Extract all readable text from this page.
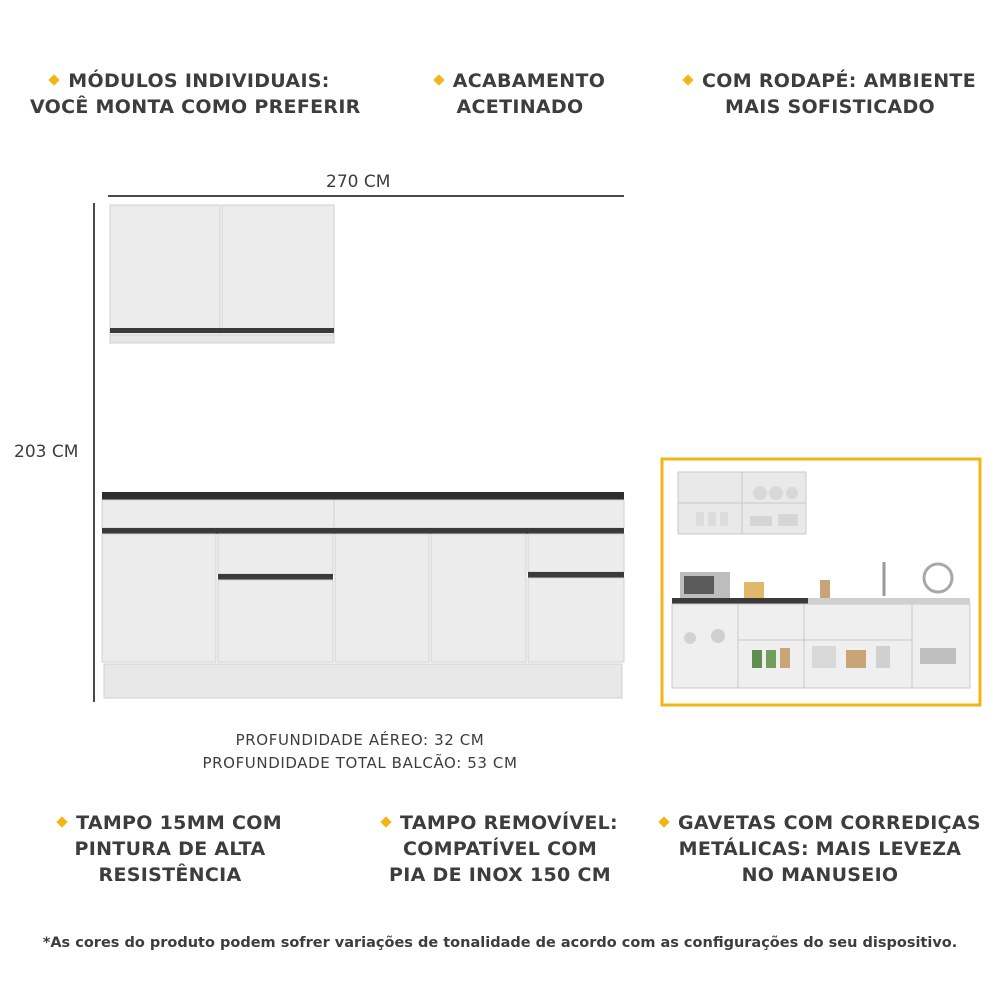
MÓDULOS INDIVIDUAIS:
VOCÊ MONTA COMO PREFERIR
ACABAMENTO
ACETINADO
COM RODAPÉ: AMBIENTE
MAIS SOFISTICADO
270 CM
203 CM
PROFUNDIDADE AÉREO: 32 CM
PROFUNDIDADE TOTAL BALCÃO: 53 CM
TAMPO 15MM COM
PINTURA DE ALTA
RESISTÊNCIA
TAMPO REMOVÍVEL:
COMPATÍVEL COM
PIA DE INOX 150 CM
GAVETAS COM CORREDIÇAS
METÁLICAS: MAIS LEVEZA
NO MANUSEIO
*As cores do produto podem sofrer variações de tonalidade de acordo com as configurações do seu dispositivo.
